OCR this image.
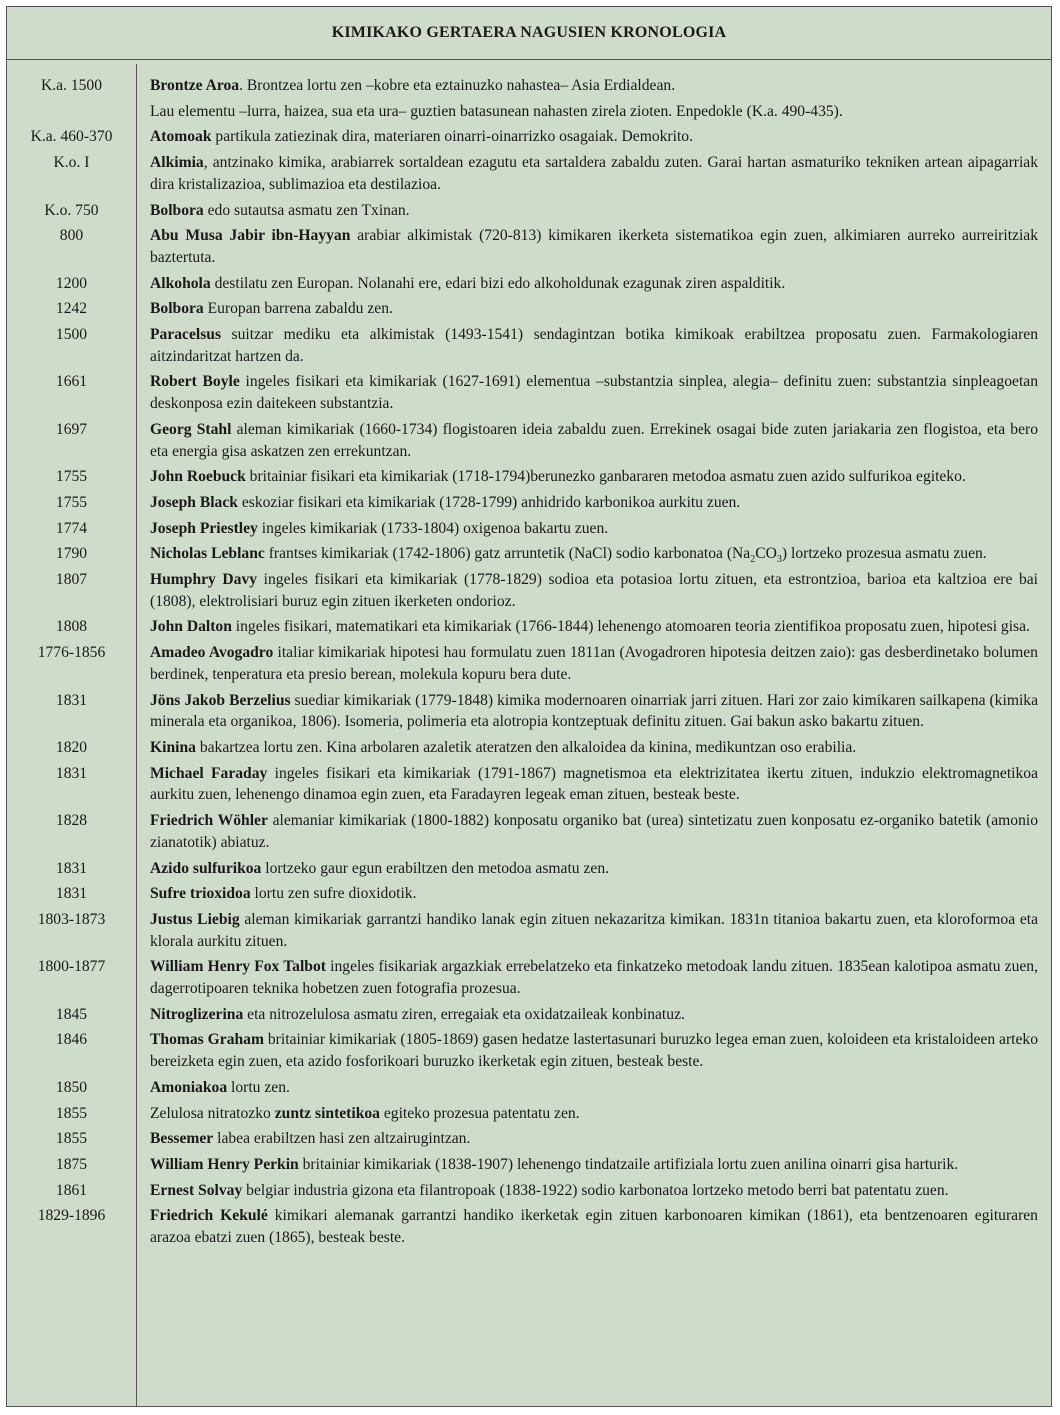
KIMIKAKO GERTAERA NAGUSIEN KRONOLOGIA
K.a. 1500	Brontze Aroa. Brontzea lortu zen –kobre eta eztainuzko nahastea– Asia Erdialdean.
Lau elementu –lurra, haizea, sua eta ura– guztien batasunean nahasten zirela zioten. Enpedokle (K.a. 490-435).
K.a. 460-370	Atomoak partikula zatiezinak dira, materiaren oinarri-oinarrizko osagaiak. Demokrito.
K.o. I	Alkimia, antzinako kimika, arabiarrek sortaldean ezagutu eta sartaldera zabaldu zuten. Garai hartan asmaturiko tekniken artean aipagarriak dira kristalizazioa, sublimazioa eta destilazioa.
K.o. 750	Bolbora edo sutautsa asmatu zen Txinan.
800	Abu Musa Jabir ibn-Hayyan arabiar alkimistak (720-813) kimikaren ikerketa sistematikoa egin zuen, alkimiaren aurreko aurreiritziak baztertuta.
1200	Alkohola destilatu zen Europan. Nolanahi ere, edari bizi edo alkoholdunak ezagunak ziren aspalditik.
1242	Bolbora Europan barrena zabaldu zen.
1500	Paracelsus suitzar mediku eta alkimistak (1493-1541) sendagintzan botika kimikoak erabiltzea proposatu zuen. Farmakologiaren aitzindaritzat hartzen da.
1661	Robert Boyle ingeles fisikari eta kimikariak (1627-1691) elementua –substantzia sinplea, alegia– definitu zuen: substantzia sinpleagoetan deskonposa ezin daitekeen substantzia.
1697	Georg Stahl aleman kimikariak (1660-1734) flogistoaren ideia zabaldu zuen. Errekinek osagai bide zuten jariakaria zen flogistoa, eta bero eta energia gisa askatzen zen errekuntzan.
1755	John Roebuck britainiar fisikari eta kimikariak (1718-1794)berunezko ganbararen metodoa asmatu zuen azido sulfurikoa egiteko.
1755	Joseph Black eskoziar fisikari eta kimikariak (1728-1799) anhidrido karbonikoa aurkitu zuen.
1774	Joseph Priestley ingeles kimikariak (1733-1804) oxigenoa bakartu zuen.
1790	Nicholas Leblanc frantses kimikariak (1742-1806) gatz arruntetik (NaCl) sodio karbonatoa $(Na_2CO_3)$ lortzeko prozesua asmatu zuen.
1807	Humphry Davy ingeles fisikari eta kimikariak (1778-1829) sodioa eta potasioa lortu zituen, eta estrontzioa, barioa eta kaltzioa ere bai (1808), elektrolisiari buruz egin zituen ikerketen ondorioz.
1808	John Dalton ingeles fisikari, matematikari eta kimikariak (1766-1844) lehenengo atomoaren teoria zientifikoa proposatu zuen, hipotesi gisa.
1776-1856	Amadeo Avogadro italiar kimikariak hipotesi hau formulatu zuen 1811an (Avogadroren hipotesia deitzen zaio): gas desberdinetako bolumen berdinek, tenperatura eta presio berean, molekula kopuru bera dute.
1831	Jöns Jakob Berzelius suediar kimikariak (1779-1848) kimika modernoaren oinarriak jarri zituen. Hari zor zaio kimikaren sailkapena (kimika minerala eta organikoa, 1806). Isomeria, polimeria eta alotropia kontzeptuak definitu zituen. Gai bakun asko bakartu zituen.
1820	Kinina bakartzea lortu zen. Kina arbolaren azaletik ateratzen den alkaloidea da kinina, medikuntzan oso erabilia.
1831	Michael Faraday ingeles fisikari eta kimikariak (1791-1867) magnetismoa eta elektrizitatea ikertu zituen, indukzio elektromagnetikoa aurkitu zuen, lehenengo dinamoa egin zuen, eta Faradayren legeak eman zituen, besteak beste.
1828	Friedrich Wöhler alemaniar kimikariak (1800-1882) konposatu organiko bat (urea) sintetizatu zuen konposatu ez-organiko batetik (amonio zianatotik) abiatuz.
1831	Azido sulfurikoa lortzeko gaur egun erabiltzen den metodoa asmatu zen.
1831	Sufre trioxidoa lortu zen sufre dioxidotik.
1803-1873	Justus Liebig aleman kimikariak garrantzi handiko lanak egin zituen nekazaritza kimikan. 1831n titanioa bakartu zuen, eta kloroformoa eta klorala aurkitu zituen.
1800-1877	William Henry Fox Talbot ingeles fisikariak argazkiak errebelatzeko eta finkatzeko metodoak landu zituen. 1835ean kalotipoa asmatu zuen, dagerrotipoaren teknika hobetzen zuen fotografia prozesua.
1845	Nitroglizerina eta nitrozelulosa asmatu ziren, erregaiak eta oxidatzaileak konbinatuz.
1846	Thomas Graham britainiar kimikariak (1805-1869) gasen hedatze lastertasunari buruzko legea eman zuen, koloideen eta kristaloideen arteko bereizketa egin zuen, eta azido fosforikoari buruzko ikerketak egin zituen, besteak beste.
1850	Amoniakoa lortu zen.
1855	Zelulosa nitratozko zuntz sintetikoa egiteko prozesua patentatu zen.
1855	Bessemer labea erabiltzen hasi zen altzairugintzan.
1875	William Henry Perkin britainiar kimikariak (1838-1907) lehenengo tindatzaile artifiziala lortu zuen anilina oinarri gisa harturik.
1861	Ernest Solvay belgiar industria gizona eta filantropoak (1838-1922) sodio karbonatoa lortzeko metodo berri bat patentatu zuen.
1829-1896	Friedrich Kekulé kimikari alemanak garrantzi handiko ikerketak egin zituen karbonoaren kimikan (1861), eta bentzenoaren egituraren arazoa ebatzi zuen (1865), besteak beste.
